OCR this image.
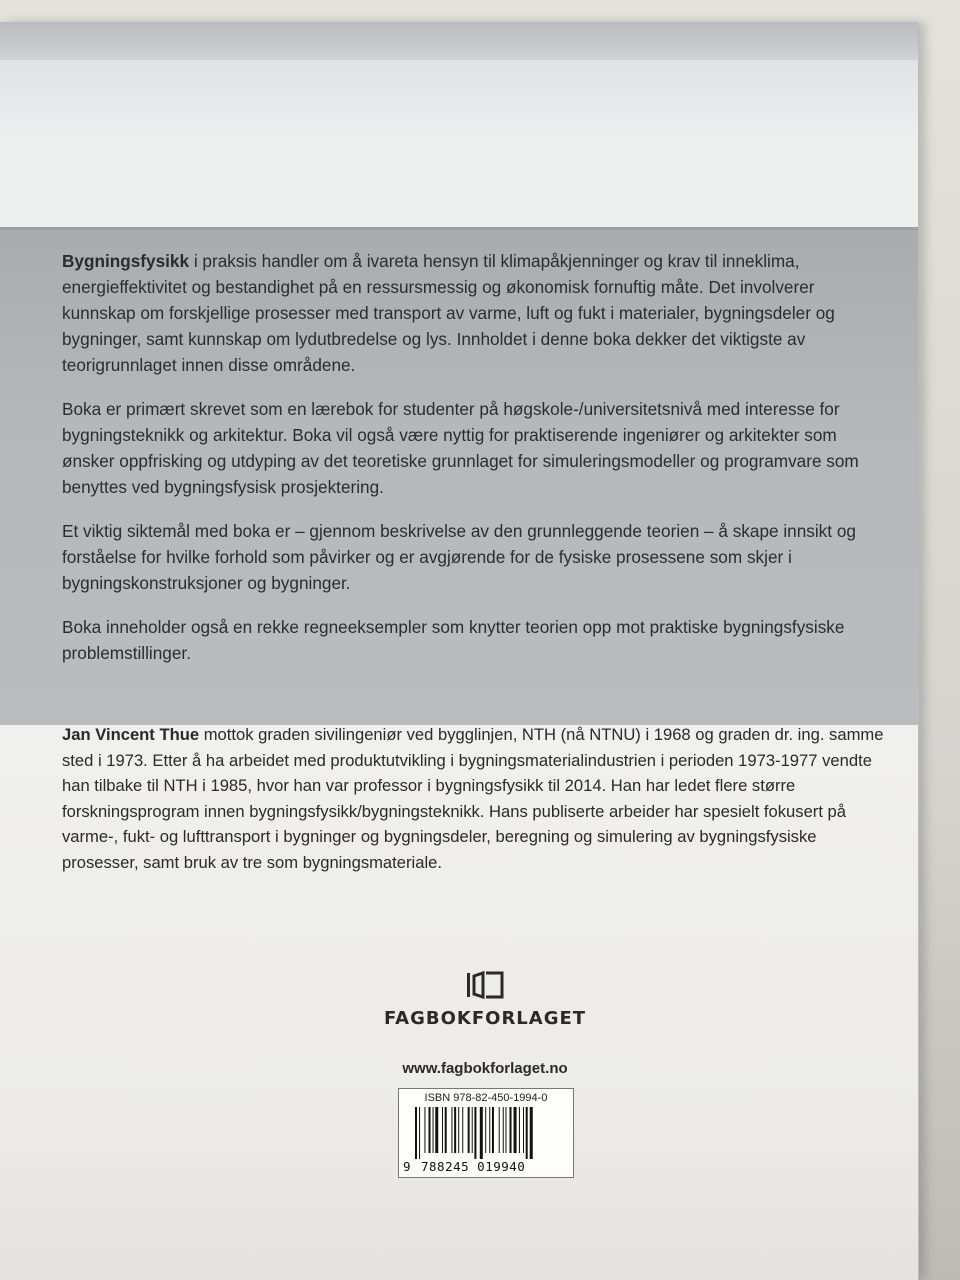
Bygningsfysikk i praksis handler om å ivareta hensyn til klimapåkjenninger og krav til inneklima, energieffektivitet og bestandighet på en ressursmessig og økonomisk fornuftig måte. Det involverer kunnskap om forskjellige prosesser med transport av varme, luft og fukt i materialer, bygningsdeler og bygninger, samt kunnskap om lydutbredelse og lys. Innholdet i denne boka dekker det viktigste av teorigrunnlaget innen disse områdene.

Boka er primært skrevet som en lærebok for studenter på høgskole-/universitetsnivå med interesse for bygningsteknikk og arkitektur. Boka vil også være nyttig for praktiserende ingeniører og arkitekter som ønsker oppfrisking og utdyping av det teoretiske grunnlaget for simuleringsmodeller og programvare som benyttes ved bygningsfysisk prosjektering.

Et viktig siktemål med boka er – gjennom beskrivelse av den grunnleggende teorien – å skape innsikt og forståelse for hvilke forhold som påvirker og er avgjørende for de fysiske prosessene som skjer i bygningskonstruksjoner og bygninger.

Boka inneholder også en rekke regneeksempler som knytter teorien opp mot praktiske bygningsfysiske problemstillinger.

Jan Vincent Thue mottok graden sivilingeniør ved bygglinjen, NTH (nå NTNU) i 1968 og graden dr. ing. samme sted i 1973. Etter å ha arbeidet med produktutvikling i bygningsmaterialindustrien i perioden 1973-1977 vendte han tilbake til NTH i 1985, hvor han var professor i bygningsfysikk til 2014. Han har ledet flere større forskningsprogram innen bygningsfysikk/bygningsteknikk. Hans publiserte arbeider har spesielt fokusert på varme-, fukt- og lufttransport i bygninger og bygningsdeler, beregning og simulering av bygningsfysiske prosesser, samt bruk av tre som bygningsmateriale.

FAGBOKFORLAGET
www.fagbokforlaget.no
ISBN 978-82-450-1994-0
9 788245 019940
